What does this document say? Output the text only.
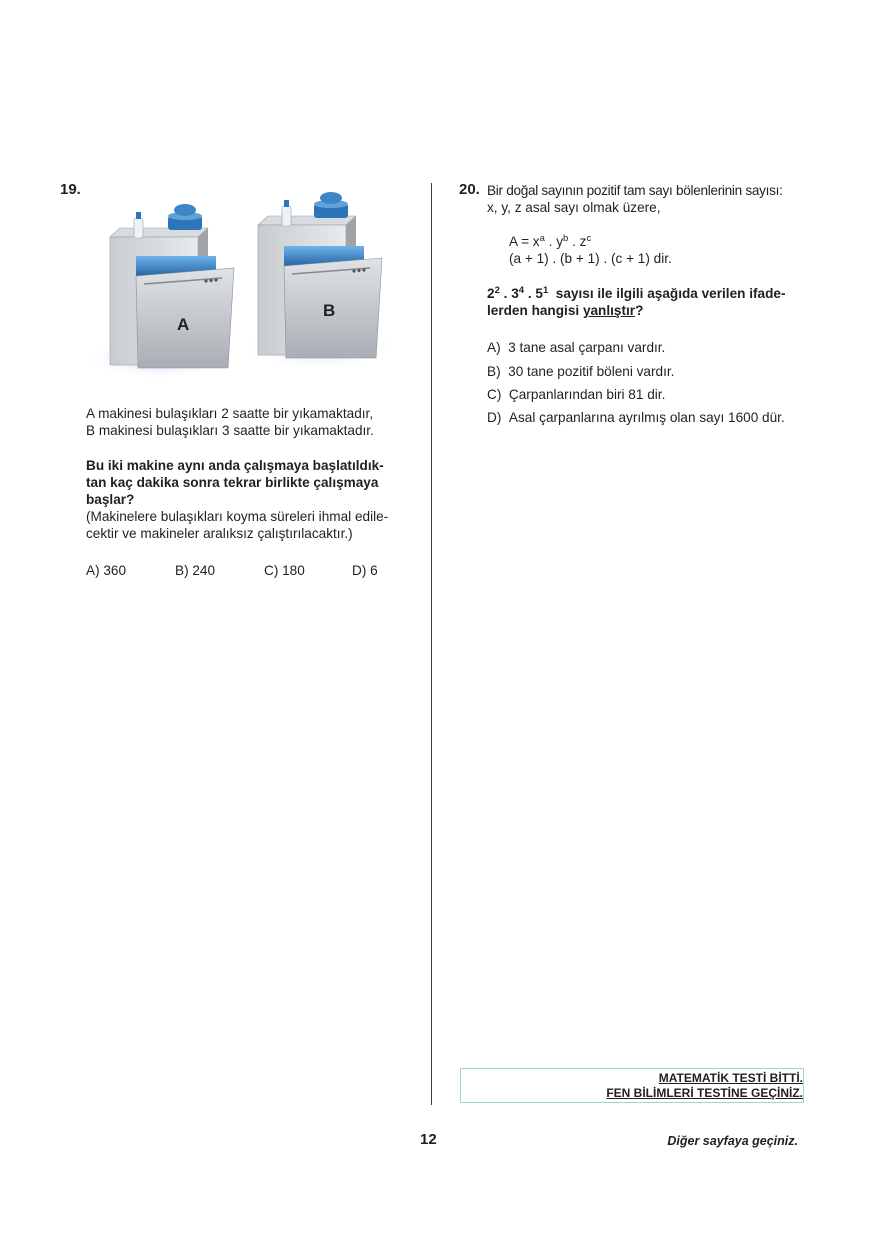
19.
A
B
A makinesi bulaşıkları 2 saatte bir yıkamaktadır,
B makinesi bulaşıkları 3 saatte bir yıkamaktadır.
Bu iki makine aynı anda çalışmaya başlatıldık-
tan kaç dakika sonra tekrar birlikte çalışmaya
başlar?
(Makinelere bulaşıkları koyma süreleri ihmal edile-
cektir ve makineler aralıksız çalıştırılacaktır.)
A) 360	B) 240	C) 180	D) 6
20. Bir doğal sayının pozitif tam sayı bölenlerinin sayısı:
x, y, z asal sayı olmak üzere,
$A = x^a$ . $y^b$ . $z^c$
(a + 1) . (b + 1) . (c + 1) dir.
$2^2$ . $3^4$ . $5^1$ sayısı ile ilgili aşağıda verilen ifade-
lerden hangisi yanlıştır?
A) 3 tane asal çarpanı vardır.
B) 30 tane pozitif böleni vardır.
C) Çarpanlarından biri 81 dir.
D) Asal çarpanlarına ayrılmış olan sayı 1600 dür.
MATEMATİK TESTİ BİTTİ.
FEN BİLİMLERİ TESTİNE GEÇİNİZ.
12	Diğer sayfaya geçiniz.
